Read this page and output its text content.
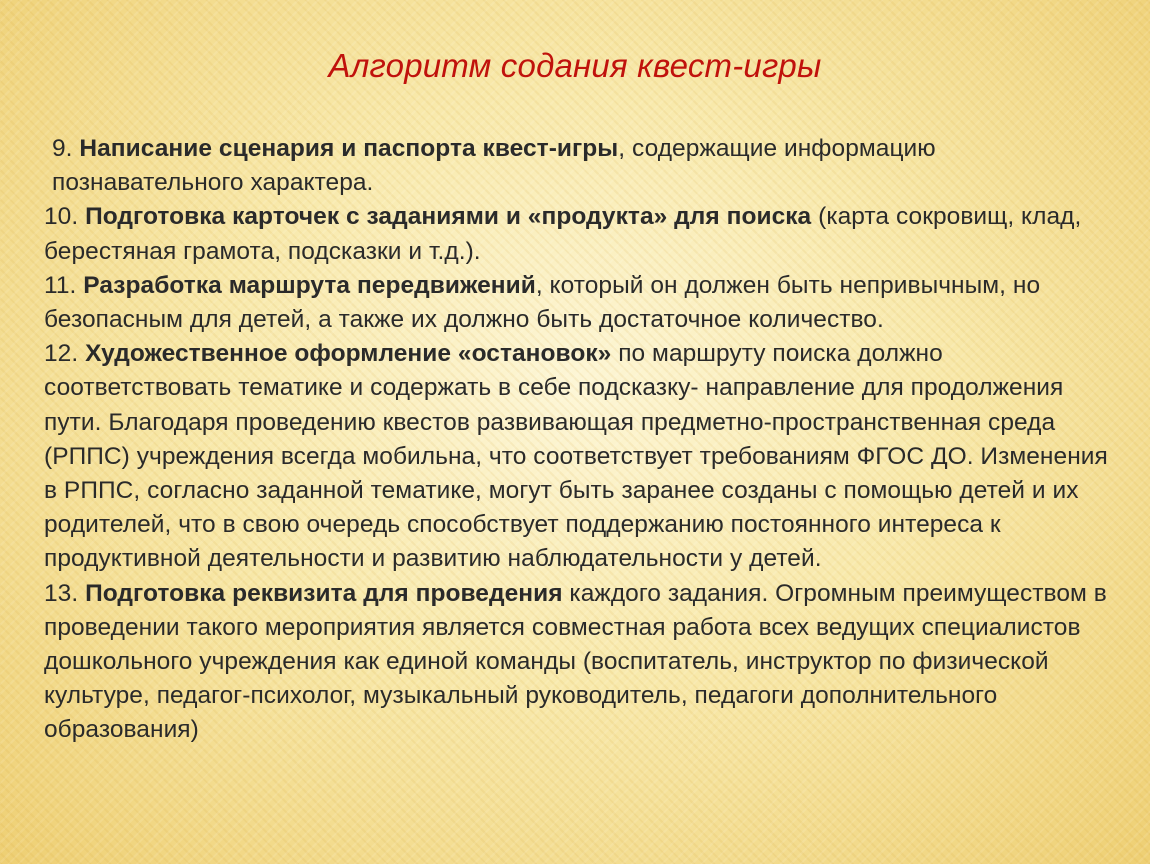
Алгоритм содания квест-игры

9. Написание сценария и паспорта квест-игры, содержащие информацию познавательного характера.

10. Подготовка карточек с заданиями и «продукта» для поиска (карта сокровищ, клад, берестяная грамота, подсказки и т.д.).

11. Разработка маршрута передвижений, который он должен быть непривычным, но безопасным для детей, а также их должно быть достаточное количество.

12. Художественное оформление «остановок» по маршруту поиска должно соответствовать тематике и содержать в себе подсказку- направление для продолжения пути. Благодаря проведению квестов развивающая предметно-пространственная среда (РППС) учреждения всегда мобильна, что соответствует требованиям ФГОС ДО. Изменения в РППС, согласно заданной тематике, могут быть заранее созданы с помощью детей и их родителей, что в свою очередь способствует поддержанию постоянного интереса к продуктивной деятельности и развитию наблюдательности у детей.

13. Подготовка реквизита для проведения каждого задания. Огромным преимуществом в проведении такого мероприятия является совместная работа всех ведущих специалистов дошкольного учреждения как единой команды (воспитатель, инструктор по физической культуре, педагог-психолог, музыкальный руководитель, педагоги дополнительного образования)
